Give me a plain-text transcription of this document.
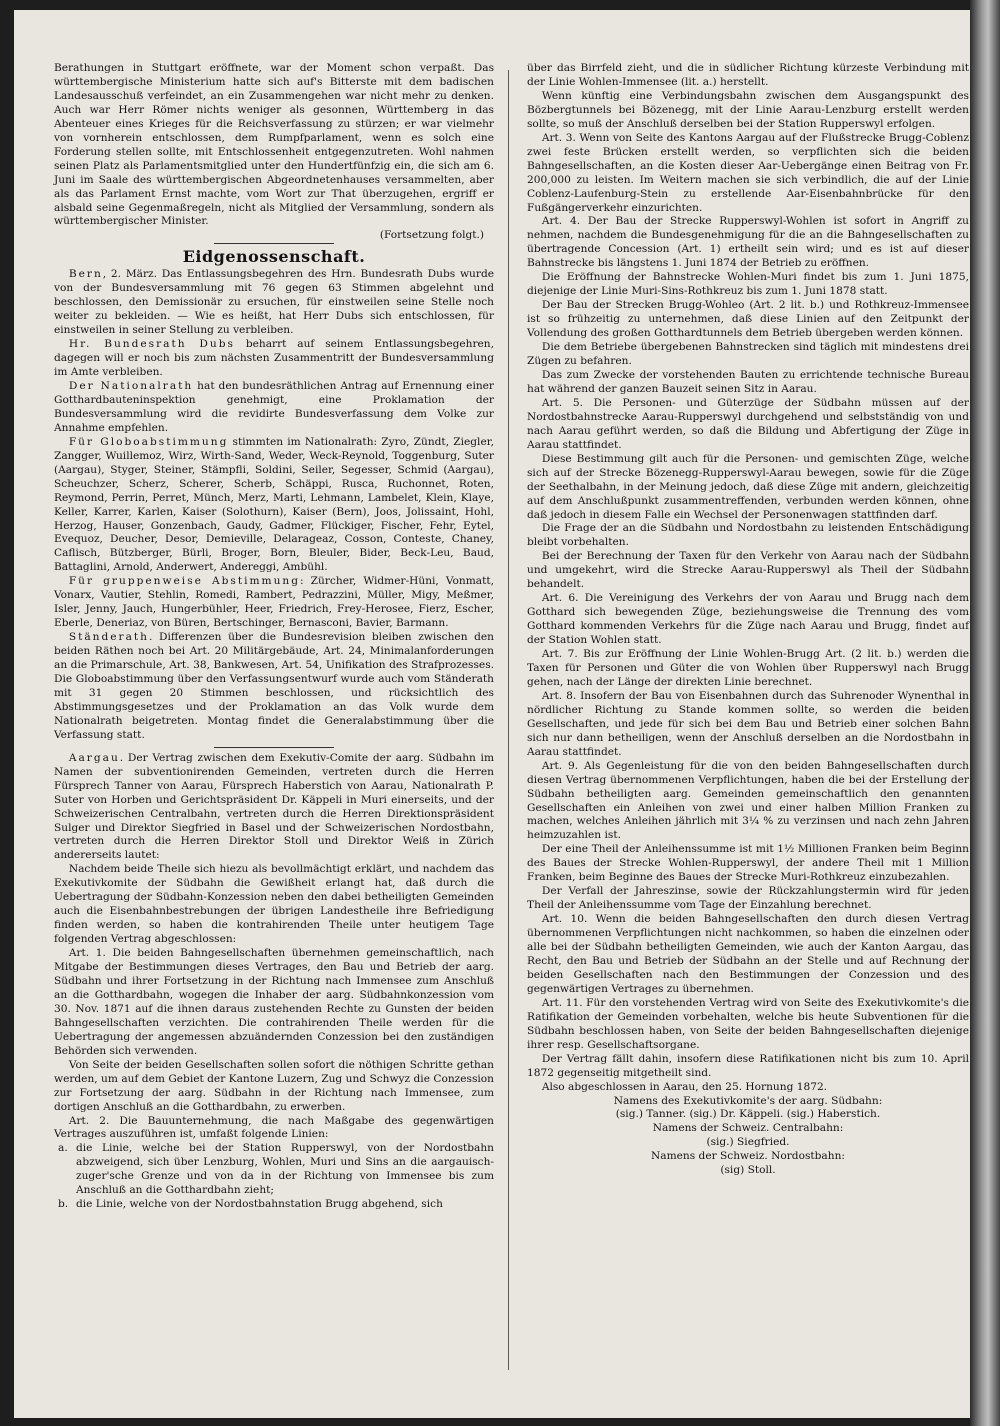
Berathungen in Stuttgart eröffnete, war der Moment schon verpaßt. Das württembergische Ministerium hatte sich auf's Bitterste mit dem badischen Landesausschuß verfeindet, an ein Zusammengehen war nicht mehr zu denken. Auch war Herr Römer nichts weniger als gesonnen, Württemberg in das Abenteuer eines Krieges für die Reichsverfassung zu stürzen; er war vielmehr von vornherein entschlossen, dem Rumpfparlament, wenn es solch eine Forderung stellen sollte, mit Entschlossenheit entgegenzutreten. Wohl nahmen seinen Platz als Parlamentsmitglied unter den Hundertfünfzig ein, die sich am 6. Juni im Saale des württembergischen Abgeordnetenhauses versammelten, aber als das Parlament Ernst machte, vom Wort zur That überzugehen, ergriff er alsbald seine Gegenmaßregeln, nicht als Mitglied der Versammlung, sondern als württembergischer Minister.

(Fortsetzung folgt.)

Eidgenossenschaft.

Bern, 2. März. Das Entlassungsbegehren des Hrn. Bundesrath Dubs wurde von der Bundesversammlung mit 76 gegen 63 Stimmen abgelehnt und beschlossen, den Demissionär zu ersuchen, für einstweilen seine Stelle noch weiter zu bekleiden. — Wie es heißt, hat Herr Dubs sich entschlossen, für einstweilen in seiner Stellung zu verbleiben.

Hr. Bundesrath Dubs beharrt auf seinem Entlassungsbegehren, dagegen will er noch bis zum nächsten Zusammentritt der Bundesversammlung im Amte verbleiben.

Der Nationalrath hat den bundesräthlichen Antrag auf Ernennung einer Gotthardbauteninspektion genehmigt, eine Proklamation der Bundesversammlung wird die revidirte Bundesverfassung dem Volke zur Annahme empfehlen.

Für Globoabstimmung stimmten im Nationalrath: Zyro, Zündt, Ziegler, Zangger, Wuillemoz, Wirz, Wirth-Sand, Weder, Weck-Reynold, Toggenburg, Suter (Aargau), Styger, Steiner, Stämpfli, Soldini, Seiler, Segesser, Schmid (Aargau), Scheuchzer, Scherz, Scherer, Scherb, Schäppi, Rusca, Ruchonnet, Roten, Reymond, Perrin, Perret, Münch, Merz, Marti, Lehmann, Lambelet, Klein, Klaye, Keller, Karrer, Karlen, Kaiser (Solothurn), Kaiser (Bern), Joos, Jolissaint, Hohl, Herzog, Hauser, Gonzenbach, Gaudy, Gadmer, Flückiger, Fischer, Fehr, Eytel, Evequoz, Deucher, Desor, Demieville, Delarageaz, Cosson, Conteste, Chaney, Caflisch, Bützberger, Bürli, Broger, Born, Bleuler, Bider, Beck-Leu, Baud, Battaglini, Arnold, Anderwert, Andereggi, Ambühl.

Für gruppenweise Abstimmung: Zürcher, Widmer-Hüni, Vonmatt, Vonarx, Vautier, Stehlin, Romedi, Rambert, Pedrazzini, Müller, Migy, Meßmer, Isler, Jenny, Jauch, Hungerbühler, Heer, Friedrich, Frey-Herosee, Fierz, Escher, Eberle, Deneriaz, von Büren, Bertschinger, Bernasconi, Bavier, Barmann.

Ständerath. Differenzen über die Bundesrevision bleiben zwischen den beiden Räthen noch bei Art. 20 Militärgebäude, Art. 24, Minimalanforderungen an die Primarschule, Art. 38, Bankwesen, Art. 54, Unifikation des Strafprozesses. Die Globoabstimmung über den Verfassungsentwurf wurde auch vom Ständerath mit 31 gegen 20 Stimmen beschlossen, und rücksichtlich des Abstimmungsgesetzes und der Proklamation an das Volk wurde dem Nationalrath beigetreten. Montag findet die Generalabstimmung über die Verfassung statt.

Aargau. Der Vertrag zwischen dem Exekutiv-Comite der aarg. Südbahn im Namen der subventionirenden Gemeinden, vertreten durch die Herren Fürsprech Tanner von Aarau, Fürsprech Haberstich von Aarau, Nationalrath P. Suter von Horben und Gerichtspräsident Dr. Käppeli in Muri einerseits, und der Schweizerischen Centralbahn, vertreten durch die Herren Direktionspräsident Sulger und Direktor Siegfried in Basel und der Schweizerischen Nordostbahn, vertreten durch die Herren Direktor Stoll und Direktor Weiß in Zürich andererseits lautet:

Nachdem beide Theile sich hiezu als bevollmächtigt erklärt, und nachdem das Exekutivkomite der Südbahn die Gewißheit erlangt hat, daß durch die Uebertragung der Südbahn-Konzession neben den dabei betheiligten Gemeinden auch die Eisenbahnbestrebungen der übrigen Landestheile ihre Befriedigung finden werden, so haben die kontrahirenden Theile unter heutigem Tage folgenden Vertrag abgeschlossen:

Art. 1. Die beiden Bahngesellschaften übernehmen gemeinschaftlich, nach Mitgabe der Bestimmungen dieses Vertrages, den Bau und Betrieb der aarg. Südbahn und ihrer Fortsetzung in der Richtung nach Immensee zum Anschluß an die Gotthardbahn, wogegen die Inhaber der aarg. Südbahnkonzession vom 30. Nov. 1871 auf die ihnen daraus zustehenden Rechte zu Gunsten der beiden Bahngesellschaften verzichten. Die contrahirenden Theile werden für die Uebertragung der angemessen abzuändernden Conzession bei den zuständigen Behörden sich verwenden.

Von Seite der beiden Gesellschaften sollen sofort die nöthigen Schritte gethan werden, um auf dem Gebiet der Kantone Luzern, Zug und Schwyz die Conzession zur Fortsetzung der aarg. Südbahn in der Richtung nach Immensee, zum dortigen Anschluß an die Gotthardbahn, zu erwerben.

Art. 2. Die Bauunternehmung, die nach Maßgabe des gegenwärtigen Vertrages auszuführen ist, umfaßt folgende Linien:

a. die Linie, welche bei der Station Rupperswyl, von der Nordostbahn abzweigend, sich über Lenzburg, Wohlen, Muri und Sins an die aargauisch-zuger'sche Grenze und von da in der Richtung von Immensee bis zum Anschluß an die Gotthardbahn zieht;

b. die Linie, welche von der Nordostbahnstation Brugg abgehend, sich

über das Birrfeld zieht, und die in südlicher Richtung kürzeste Verbindung mit der Linie Wohlen-Immensee (lit. a.) herstellt.

Wenn künftig eine Verbindungsbahn zwischen dem Ausgangspunkt des Bözbergtunnels bei Bözenegg, mit der Linie Aarau-Lenzburg erstellt werden sollte, so muß der Anschluß derselben bei der Station Rupperswyl erfolgen.

Art. 3. Wenn von Seite des Kantons Aargau auf der Flußstrecke Brugg-Coblenz zwei feste Brücken erstellt werden, so verpflichten sich die beiden Bahngesellschaften, an die Kosten dieser Aar-Uebergänge einen Beitrag von Fr. 200,000 zu leisten. Im Weitern machen sie sich verbindlich, die auf der Linie Coblenz-Laufenburg-Stein zu erstellende Aar-Eisenbahnbrücke für den Fußgängerverkehr einzurichten.

Art. 4. Der Bau der Strecke Rupperswyl-Wohlen ist sofort in Angriff zu nehmen, nachdem die Bundesgenehmigung für die an die Bahngesellschaften zu übertragende Concession (Art. 1) ertheilt sein wird; und es ist auf dieser Bahnstrecke bis längstens 1. Juni 1874 der Betrieb zu eröffnen.

Die Eröffnung der Bahnstrecke Wohlen-Muri findet bis zum 1. Juni 1875, diejenige der Linie Muri-Sins-Rothkreuz bis zum 1. Juni 1878 statt.

Der Bau der Strecken Brugg-Wohleo (Art. 2 lit. b.) und Rothkreuz-Immensee ist so frühzeitig zu unternehmen, daß diese Linien auf den Zeitpunkt der Vollendung des großen Gotthardtunnels dem Betrieb übergeben werden können.

Die dem Betriebe übergebenen Bahnstrecken sind täglich mit mindestens drei Zügen zu befahren.

Das zum Zwecke der vorstehenden Bauten zu errichtende technische Bureau hat während der ganzen Bauzeit seinen Sitz in Aarau.

Art. 5. Die Personen- und Güterzüge der Südbahn müssen auf der Nordostbahnstrecke Aarau-Rupperswyl durchgehend und selbstständig von und nach Aarau geführt werden, so daß die Bildung und Abfertigung der Züge in Aarau stattfindet.

Diese Bestimmung gilt auch für die Personen- und gemischten Züge, welche sich auf der Strecke Bözenegg-Rupperswyl-Aarau bewegen, sowie für die Züge der Seethalbahn, in der Meinung jedoch, daß diese Züge mit andern, gleichzeitig auf dem Anschlußpunkt zusammentreffenden, verbunden werden können, ohne daß jedoch in diesem Falle ein Wechsel der Personenwagen stattfinden darf.

Die Frage der an die Südbahn und Nordostbahn zu leistenden Entschädigung bleibt vorbehalten.

Bei der Berechnung der Taxen für den Verkehr von Aarau nach der Südbahn und umgekehrt, wird die Strecke Aarau-Rupperswyl als Theil der Südbahn behandelt.

Art. 6. Die Vereinigung des Verkehrs der von Aarau und Brugg nach dem Gotthard sich bewegenden Züge, beziehungsweise die Trennung des vom Gotthard kommenden Verkehrs für die Züge nach Aarau und Brugg, findet auf der Station Wohlen statt.

Art. 7. Bis zur Eröffnung der Linie Wohlen-Brugg Art. (2 lit. b.) werden die Taxen für Personen und Güter die von Wohlen über Rupperswyl nach Brugg gehen, nach der Länge der direkten Linie berechnet.

Art. 8. Insofern der Bau von Eisenbahnen durch das Suhrenoder Wynenthal in nördlicher Richtung zu Stande kommen sollte, so werden die beiden Gesellschaften, und jede für sich bei dem Bau und Betrieb einer solchen Bahn sich nur dann betheiligen, wenn der Anschluß derselben an die Nordostbahn in Aarau stattfindet.

Art. 9. Als Gegenleistung für die von den beiden Bahngesellschaften durch diesen Vertrag übernommenen Verpflichtungen, haben die bei der Erstellung der Südbahn betheiligten aarg. Gemeinden gemeinschaftlich den genannten Gesellschaften ein Anleihen von zwei und einer halben Million Franken zu machen, welches Anleihen jährlich mit 3¼ % zu verzinsen und nach zehn Jahren heimzuzahlen ist.

Der eine Theil der Anleihenssumme ist mit 1½ Millionen Franken beim Beginn des Baues der Strecke Wohlen-Rupperswyl, der andere Theil mit 1 Million Franken, beim Beginne des Baues der Strecke Muri-Rothkreuz einzubezahlen.

Der Verfall der Jahreszinse, sowie der Rückzahlungstermin wird für jeden Theil der Anleihenssumme vom Tage der Einzahlung berechnet.

Art. 10. Wenn die beiden Bahngesellschaften den durch diesen Vertrag übernommenen Verpflichtungen nicht nachkommen, so haben die einzelnen oder alle bei der Südbahn betheiligten Gemeinden, wie auch der Kanton Aargau, das Recht, den Bau und Betrieb der Südbahn an der Stelle und auf Rechnung der beiden Gesellschaften nach den Bestimmungen der Conzession und des gegenwärtigen Vertrages zu übernehmen.

Art. 11. Für den vorstehenden Vertrag wird von Seite des Exekutivkomite's die Ratifikation der Gemeinden vorbehalten, welche bis heute Subventionen für die Südbahn beschlossen haben, von Seite der beiden Bahngesellschaften diejenige ihrer resp. Gesellschaftsorgane.

Der Vertrag fällt dahin, insofern diese Ratifikationen nicht bis zum 10. April 1872 gegenseitig mitgetheilt sind.

Also abgeschlossen in Aarau, den 25. Hornung 1872.

Namens des Exekutivkomite's der aarg. Südbahn:

(sig.) Tanner. (sig.) Dr. Käppeli. (sig.) Haberstich.

Namens der Schweiz. Centralbahn:

(sig.) Siegfried.

Namens der Schweiz. Nordostbahn:

(sig) Stoll.
